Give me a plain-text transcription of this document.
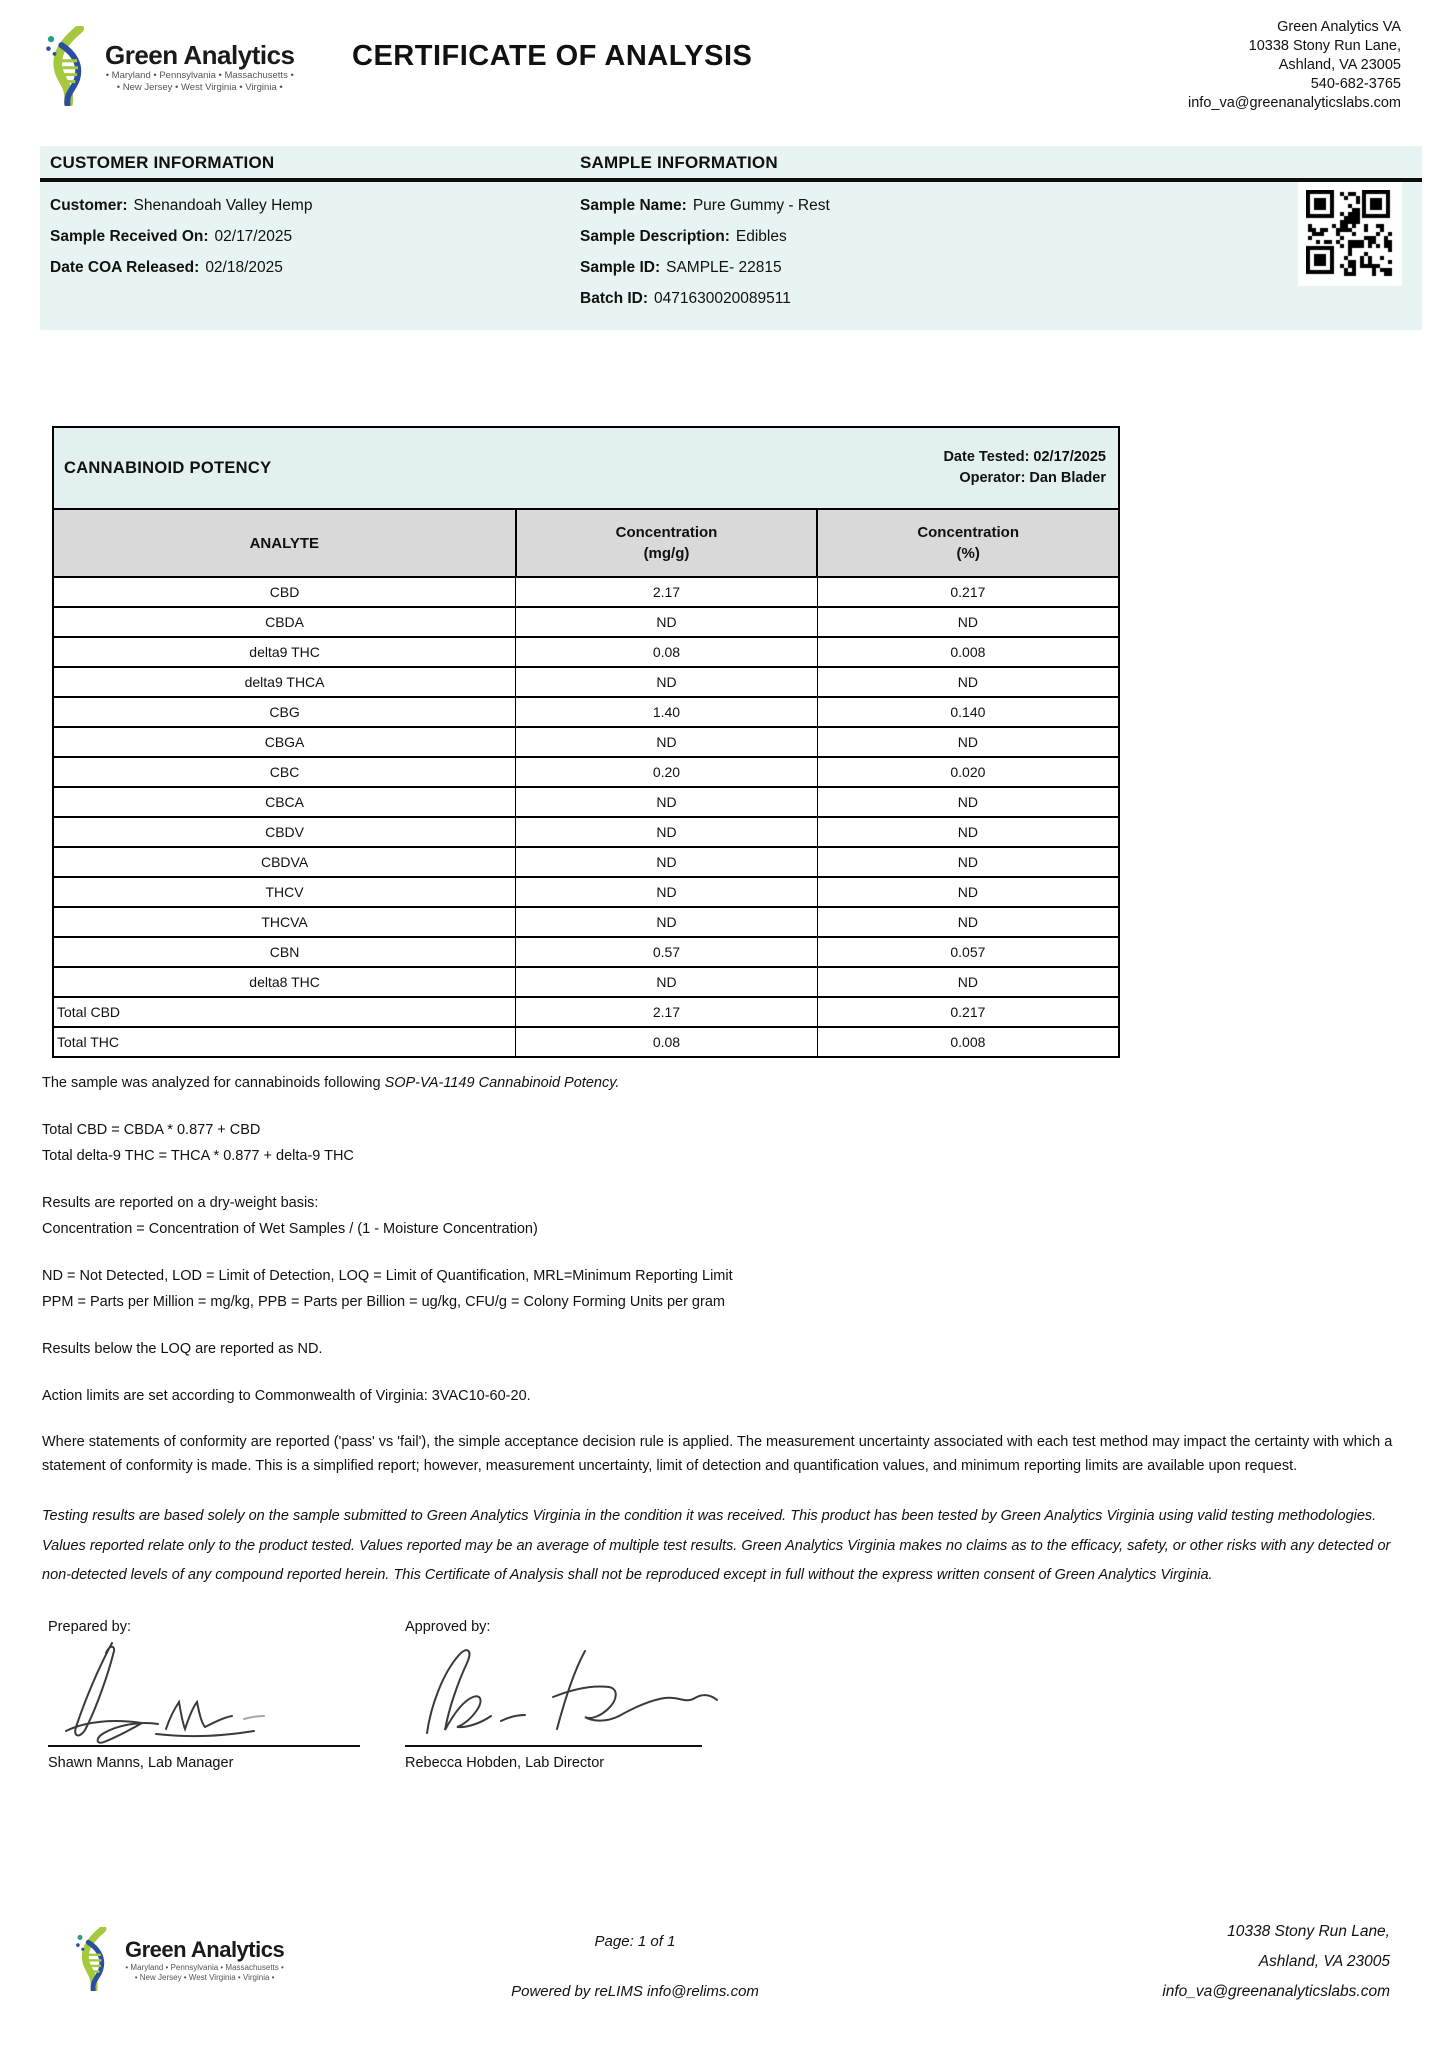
Green Analytics
• Maryland • Pennsylvania • Massachusetts •
• New Jersey • West Virginia • Virginia •
CERTIFICATE OF ANALYSIS
Green Analytics VA
10338 Stony Run Lane,
Ashland, VA 23005
540-682-3765
info_va@greenanalyticslabs.com
CUSTOMER INFORMATION	SAMPLE INFORMATION
Customer: Shenandoah Valley Hemp
Sample Received On: 02/17/2025
Date COA Released: 02/18/2025
Sample Name: Pure Gummy - Rest
Sample Description: Edibles
Sample ID: SAMPLE- 22815
Batch ID: 0471630020089511
CANNABINOID POTENCY
Date Tested: 02/17/2025
Operator: Dan Blader		

ANALYTE

Concentration
(mg/g)

Concentration
(%)

CBD	2.17	0.217
CBDA	ND	ND
delta9 THC	0.08	0.008
delta9 THCA	ND	ND
CBG	1.40	0.140
CBGA	ND	ND
CBC	0.20	0.020
CBCA	ND	ND
CBDV	ND	ND
CBDVA	ND	ND
THCV	ND	ND
THCVA	ND	ND
CBN	0.57	0.057
delta8 THC	ND	ND
Total CBD	2.17	0.217
Total THC	0.08	0.008
The sample was analyzed for cannabinoids following SOP-VA-1149 Cannabinoid Potency.
Total CBD = CBDA * 0.877 + CBD
Total delta-9 THC = THCA * 0.877 + delta-9 THC
Results are reported on a dry-weight basis:
Concentration = Concentration of Wet Samples / (1 - Moisture Concentration)
ND = Not Detected, LOD = Limit of Detection, LOQ = Limit of Quantification, MRL=Minimum Reporting Limit
PPM = Parts per Million = mg/kg, PPB = Parts per Billion = ug/kg, CFU/g = Colony Forming Units per gram
Results below the LOQ are reported as ND.
Action limits are set according to Commonwealth of Virginia: 3VAC10-60-20.
Where statements of conformity are reported ('pass' vs 'fail'), the simple acceptance decision rule is applied. The measurement uncertainty associated with each test method may impact the certainty with which a statement of conformity is made. This is a simplified report; however, measurement uncertainty, limit of detection and quantification values, and minimum reporting limits are available upon request.
Testing results are based solely on the sample submitted to Green Analytics Virginia in the condition it was received. This product has been tested by Green Analytics Virginia using valid testing methodologies. Values reported relate only to the product tested. Values reported may be an average of multiple test results. Green Analytics Virginia makes no claims as to the efficacy, safety, or other risks with any detected or non-detected levels of any compound reported herein. This Certificate of Analysis shall not be reproduced except in full without the express written consent of Green Analytics Virginia.
Prepared by:
Shawn Manns, Lab Manager
Approved by:
Rebecca Hobden, Lab Director
Green Analytics
• Maryland • Pennsylvania • Massachusetts •
• New Jersey • West Virginia • Virginia •
Page: 1 of 1
Powered by reLIMS info@relims.com
10338 Stony Run Lane,
Ashland, VA 23005
info_va@greenanalyticslabs.com
